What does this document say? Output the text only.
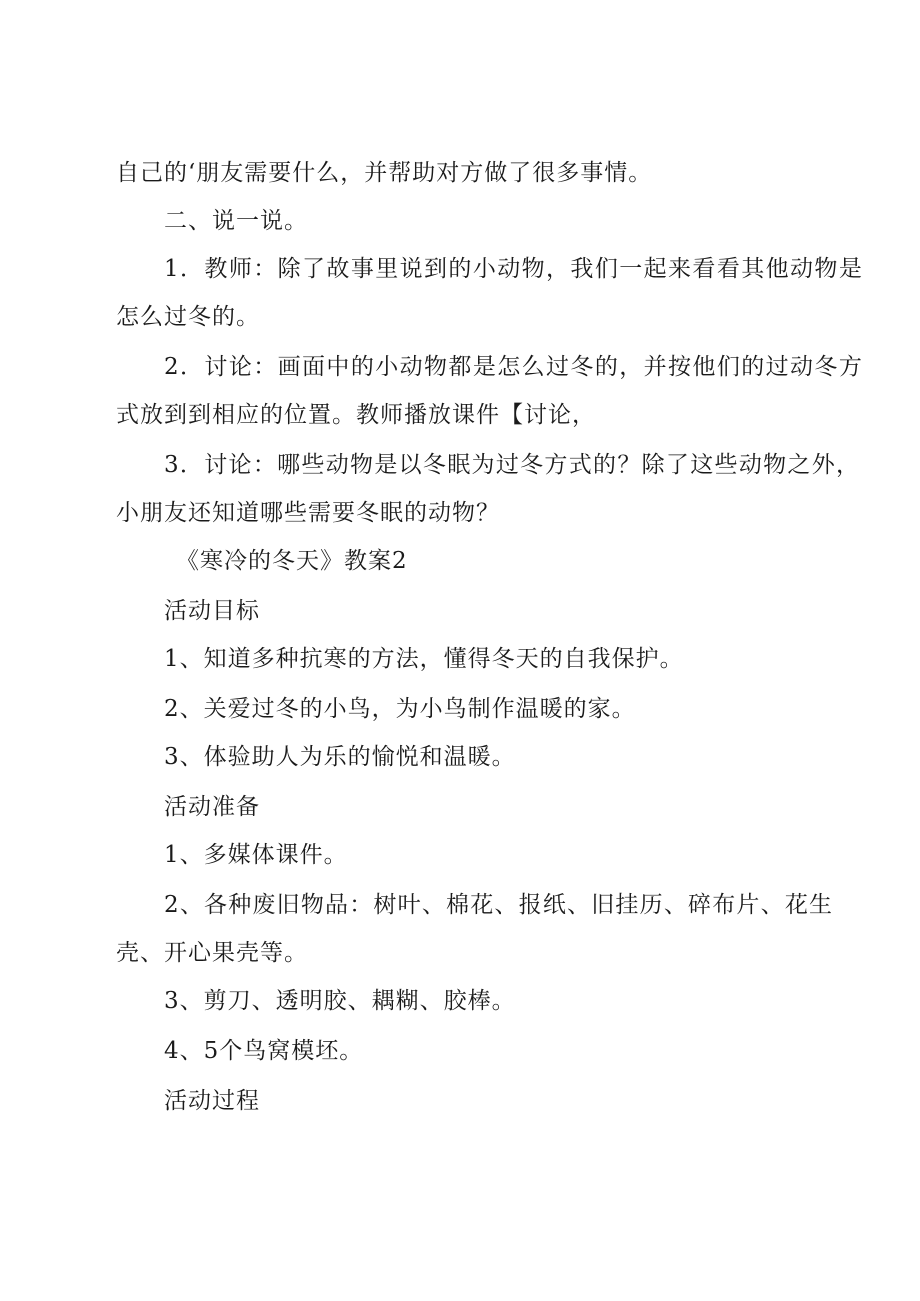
自己的‘朋友需要什么，并帮助对方做了很多事情。
二、说一说。
1．教师：除了故事里说到的小动物，我们一起来看看其他动物是
怎么过冬的。
2．讨论：画面中的小动物都是怎么过冬的，并按他们的过动冬方
式放到到相应的位置。教师播放课件【讨论，
3．讨论：哪些动物是以冬眠为过冬方式的？除了这些动物之外，
小朋友还知道哪些需要冬眠的动物？
《寒冷的冬天》教案2
活动目标
1、知道多种抗寒的方法，懂得冬天的自我保护。
2、关爱过冬的小鸟，为小鸟制作温暖的家。
3、体验助人为乐的愉悦和温暖。
活动准备
1、多媒体课件。
2、各种废旧物品：树叶、棉花、报纸、旧挂历、碎布片、花生
壳、开心果壳等。
3、剪刀、透明胶、耦糊、胶棒。
4、5个鸟窝模坯。
活动过程
